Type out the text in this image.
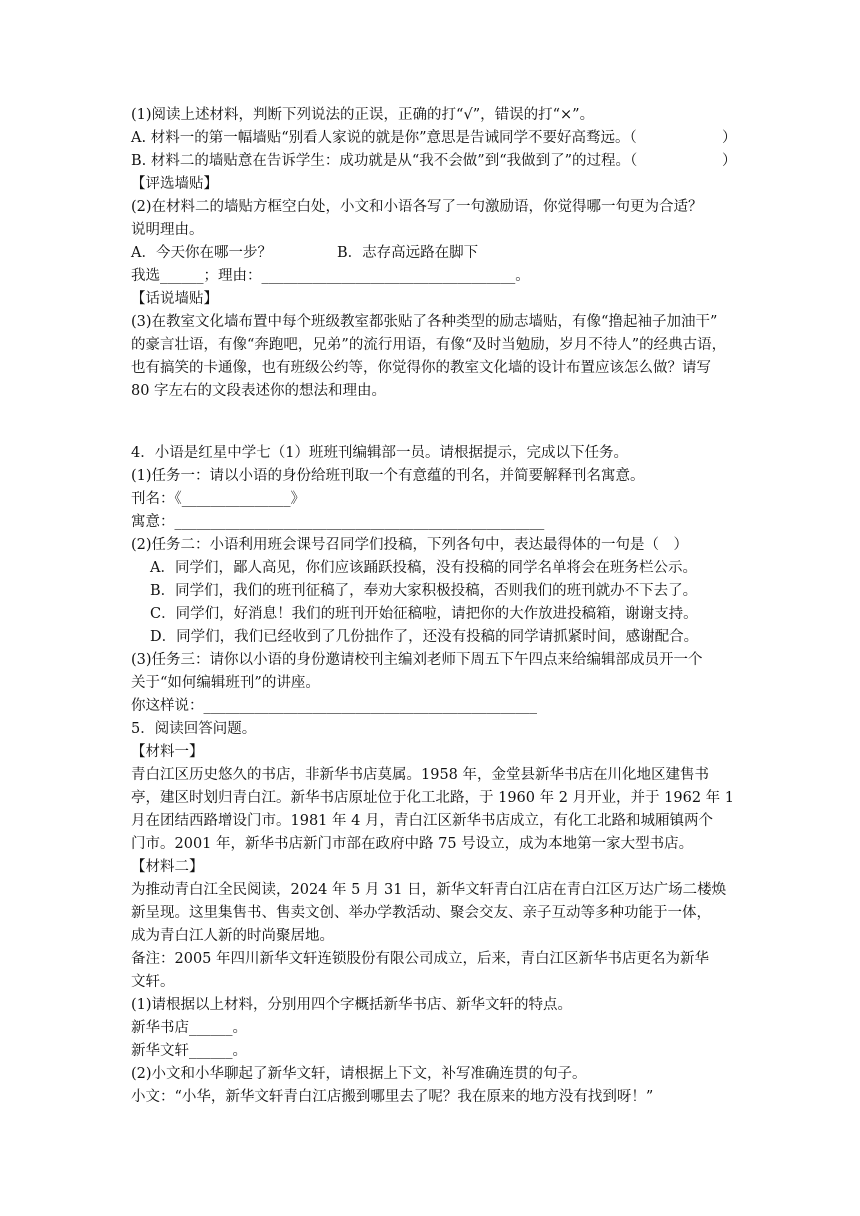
(1)阅读上述材料，判断下列说法的正误，正确的打“√”，错误的打“×”。
A. 材料一的第一幅墙贴“别看人家说的就是你”意思是告诫同学不要好高骛远。（	）
B. 材料二的墙贴意在告诉学生：成功就是从“我不会做”到“我做到了”的过程。（	）
【评选墙贴】
(2)在材料二的墙贴方框空白处，小文和小语各写了一句激励语，你觉得哪一句更为合适？
说明理由。
A．今天你在哪一步？	B．志存高远路在脚下
我选______；理由：___________________________________。
【话说墙贴】
(3)在教室文化墙布置中每个班级教室都张贴了各种类型的励志墙贴，有像“撸起袖子加油干”
的豪言壮语，有像“奔跑吧，兄弟”的流行用语，有像“及时当勉励，岁月不待人”的经典古语，
也有搞笑的卡通像，也有班级公约等，你觉得你的教室文化墙的设计布置应该怎么做？请写
80 字左右的文段表述你的想法和理由。
4．小语是红星中学七（1）班班刊编辑部一员。请根据提示，完成以下任务。
(1)任务一：请以小语的身份给班刊取一个有意蕴的刊名，并简要解释刊名寓意。
刊名：《_______________》
寓意：___________________________________________________
(2)任务二：小语利用班会课号召同学们投稿，下列各句中，表达最得体的一句是（　）
A．同学们，鄙人高见，你们应该踊跃投稿，没有投稿的同学名单将会在班务栏公示。
B．同学们，我们的班刊征稿了，奉劝大家积极投稿，否则我们的班刊就办不下去了。
C．同学们，好消息！我们的班刊开始征稿啦，请把你的大作放进投稿箱，谢谢支持。
D．同学们，我们已经收到了几份拙作了，还没有投稿的同学请抓紧时间，感谢配合。
(3)任务三：请你以小语的身份邀请校刊主编刘老师下周五下午四点来给编辑部成员开一个
关于“如何编辑班刊”的讲座。
你这样说：______________________________________________
5．阅读回答问题。
【材料一】
青白江区历史悠久的书店，非新华书店莫属。1958 年，金堂县新华书店在川化地区建售书
亭，建区时划归青白江。新华书店原址位于化工北路，于 1960 年 2 月开业，并于 1962 年 1
月在团结西路增设门市。1981 年 4 月，青白江区新华书店成立，有化工北路和城厢镇两个
门市。2001 年，新华书店新门市部在政府中路 75 号设立，成为本地第一家大型书店。
【材料二】
为推动青白江全民阅读，2024 年 5 月 31 日，新华文轩青白江店在青白江区万达广场二楼焕
新呈现。这里集售书、售卖文创、举办学教活动、聚会交友、亲子互动等多种功能于一体，
成为青白江人新的时尚聚居地。
备注：2005 年四川新华文轩连锁股份有限公司成立，后来，青白江区新华书店更名为新华
文轩。
(1)请根据以上材料，分别用四个字概括新华书店、新华文轩的特点。
新华书店______。
新华文轩______。
(2)小文和小华聊起了新华文轩，请根据上下文，补写准确连贯的句子。
小文：“小华，新华文轩青白江店搬到哪里去了呢？我在原来的地方没有找到呀！”
